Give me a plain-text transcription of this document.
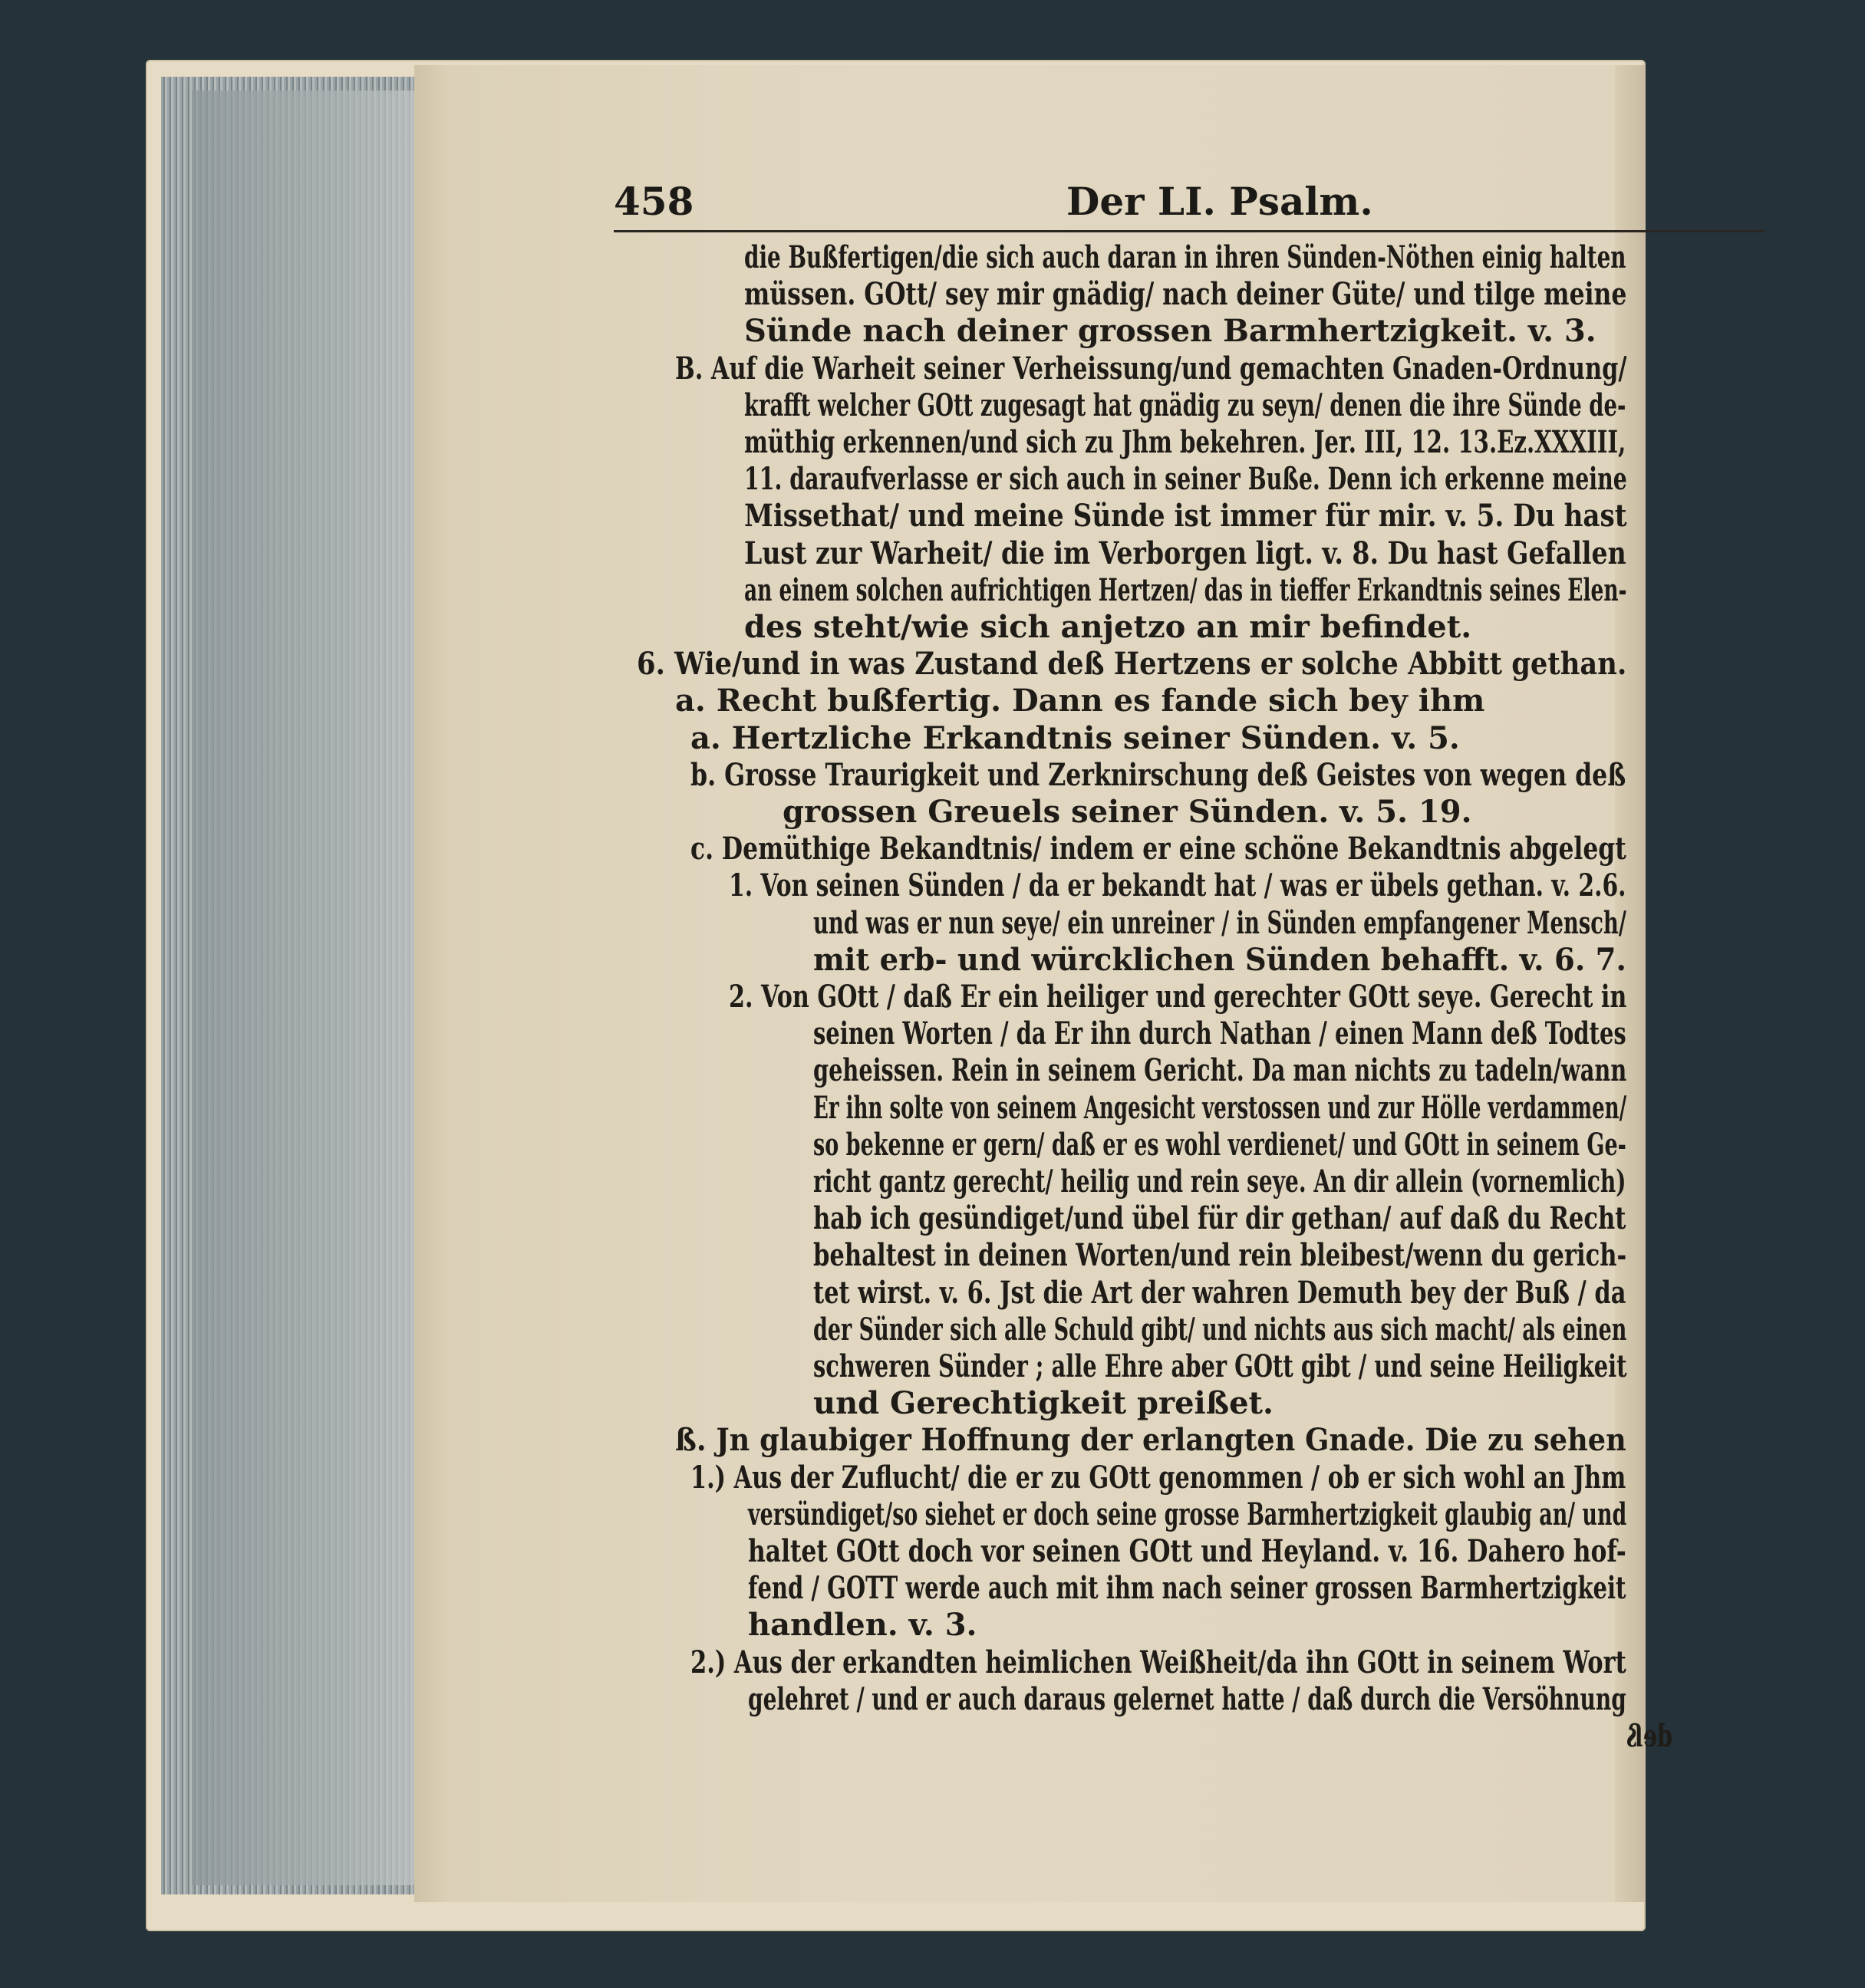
458	Der LI. Psalm.
die Bußfertigen/die sich auch daran in ihren Sünden-Nöthen einig halten
müssen. GOtt/ sey mir gnädig/ nach deiner Güte/ und tilge meine
Sünde nach deiner grossen Barmhertzigkeit. v. 3.
B. Auf die Warheit seiner Verheissung/und gemachten Gnaden-Ordnung/
krafft welcher GOtt zugesagt hat gnädig zu seyn/ denen die ihre Sünde de-
müthig erkennen/und sich zu Jhm bekehren. Jer. III, 12. 13.Ez.XXXIII,
11. daraufverlasse er sich auch in seiner Buße. Denn ich erkenne meine
Missethat/ und meine Sünde ist immer für mir. v. 5. Du hast
Lust zur Warheit/ die im Verborgen ligt. v. 8. Du hast Gefallen
an einem solchen aufrichtigen Hertzen/ das in tieffer Erkandtnis seines Elen-
des steht/wie sich anjetzo an mir befindet.
6. Wie/und in was Zustand deß Hertzens er solche Abbitt gethan.
a. Recht bußfertig. Dann es fande sich bey ihm
a. Hertzliche Erkandtnis seiner Sünden. v. 5.
b. Grosse Traurigkeit und Zerknirschung deß Geistes von wegen deß
grossen Greuels seiner Sünden. v. 5. 19.
c. Demüthige Bekandtnis/ indem er eine schöne Bekandtnis abgelegt
1. Von seinen Sünden / da er bekandt hat / was er übels gethan. v. 2.6.
und was er nun seye/ ein unreiner / in Sünden empfangener Mensch/
mit erb- und würcklichen Sünden behafft. v. 6. 7.
2. Von GOtt / daß Er ein heiliger und gerechter GOtt seye. Gerecht in
seinen Worten / da Er ihn durch Nathan / einen Mann deß Todtes
geheissen. Rein in seinem Gericht. Da man nichts zu tadeln/wann
Er ihn solte von seinem Angesicht verstossen und zur Hölle verdammen/
so bekenne er gern/ daß er es wohl verdienet/ und GOtt in seinem Ge-
richt gantz gerecht/ heilig und rein seye. An dir allein (vornemlich)
hab ich gesündiget/und übel für dir gethan/ auf daß du Recht
behaltest in deinen Worten/und rein bleibest/wenn du gerich-
tet wirst. v. 6. Jst die Art der wahren Demuth bey der Buß / da
der Sünder sich alle Schuld gibt/ und nichts aus sich macht/ als einen
schweren Sünder ; alle Ehre aber GOtt gibt / und seine Heiligkeit
und Gerechtigkeit preißet.
ß. Jn glaubiger Hoffnung der erlangten Gnade. Die zu sehen
1.) Aus der Zuflucht/ die er zu GOtt genommen / ob er sich wohl an Jhm
versündiget/so siehet er doch seine grosse Barmhertzigkeit glaubig an/ und
haltet GOtt doch vor seinen GOtt und Heyland. v. 16. Dahero hof-
fend / GOTT werde auch mit ihm nach seiner grossen Barmhertzigkeit
handlen. v. 3.
2.) Aus der erkandten heimlichen Weißheit/da ihn GOtt in seinem Wort
gelehret / und er auch daraus gelernet hatte / daß durch die Versöhnung
deß
